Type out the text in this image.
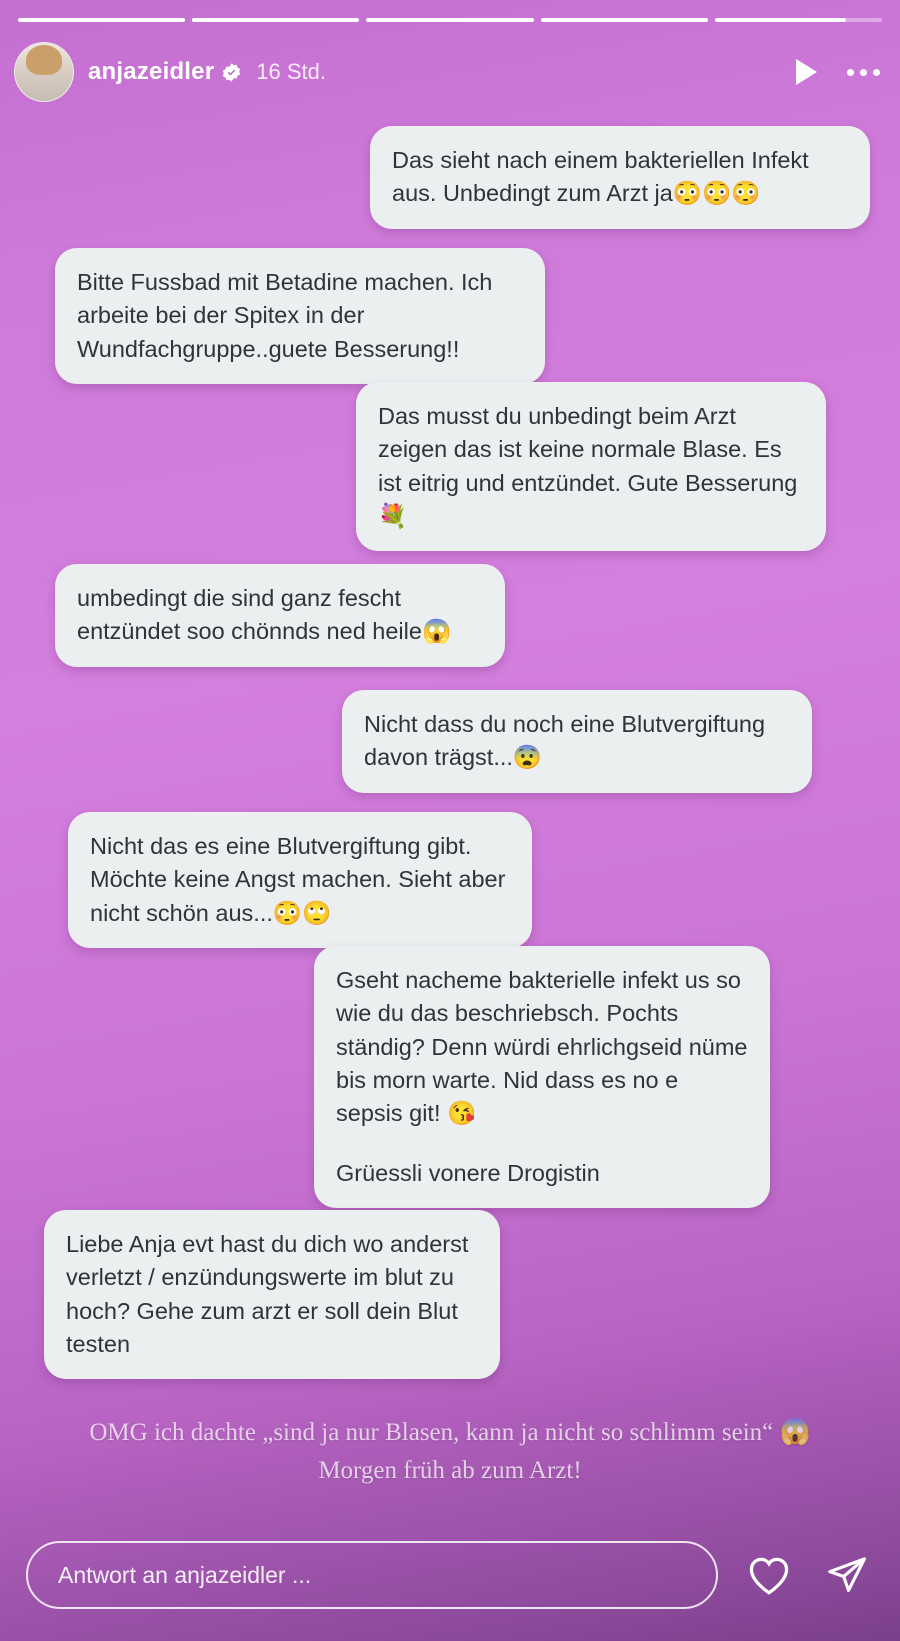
anjazeidler 16 Std.

Das sieht nach einem bakteriellen Infekt aus. Unbedingt zum Arzt ja😳😳😳

Bitte Fussbad mit Betadine machen. Ich arbeite bei der Spitex in der Wundfachgruppe..guete Besserung!!

Das musst du unbedingt beim Arzt zeigen das ist keine normale Blase. Es ist eitrig und entzündet. Gute Besserung 💐

umbedingt die sind ganz fescht entzündet soo chönnds ned heile😱

Nicht dass du noch eine Blutvergiftung davon trägst...😨

Nicht das es eine Blutvergiftung gibt. Möchte keine Angst machen. Sieht aber nicht schön aus...😳🙄

Gseht nacheme bakterielle infekt us so wie du das beschriebsch. Pochts ständig? Denn würdi ehrlichgseid nüme bis morn warte. Nid dass es no e sepsis git! 😘

Grüessli vonere Drogistin

Liebe Anja evt hast du dich wo anderst verletzt / enzündungswerte im blut zu hoch? Gehe zum arzt er soll dein Blut testen

OMG ich dachte „sind ja nur Blasen, kann ja nicht so schlimm sein“ 😱 Morgen früh ab zum Arzt!
Antwort an anjazeidler ...
